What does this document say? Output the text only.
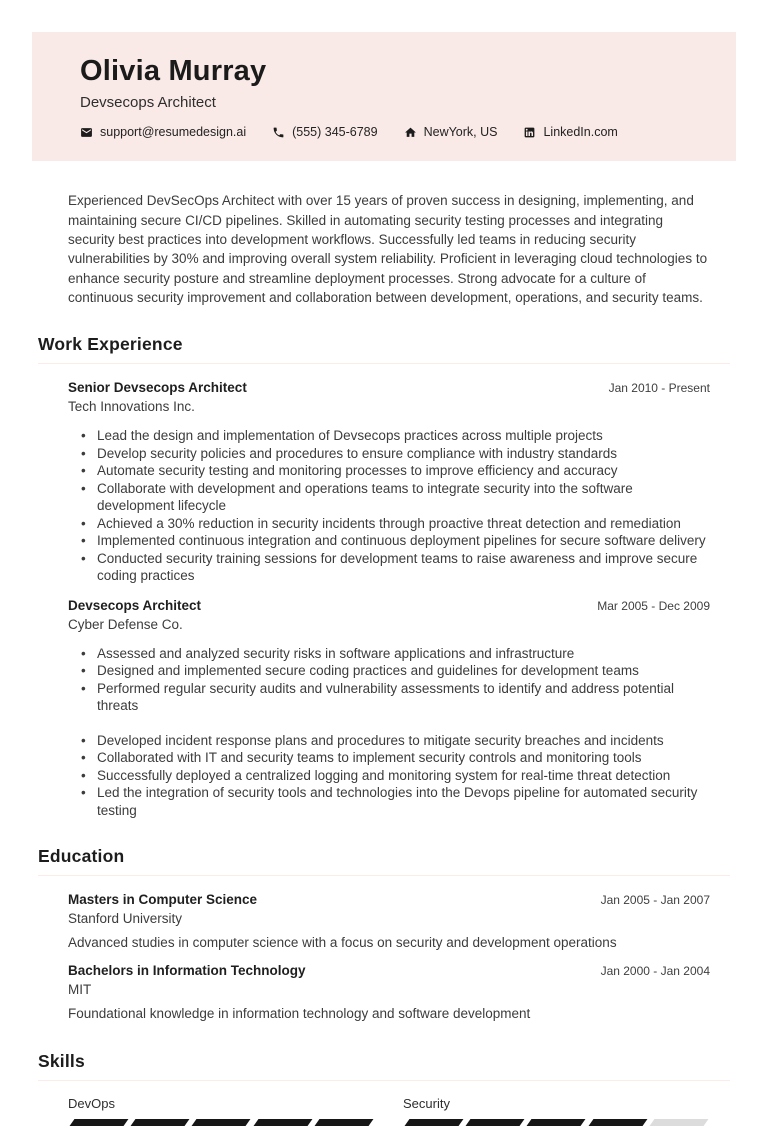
Olivia Murray
Devsecops Architect
support@resumedesign.ai	(555) 345-6789	NewYork, US	LinkedIn.com

Experienced DevSecOps Architect with over 15 years of proven success in designing, implementing, and maintaining secure CI/CD pipelines. Skilled in automating security testing processes and integrating security best practices into development workflows. Successfully led teams in reducing security vulnerabilities by 30% and improving overall system reliability. Proficient in leveraging cloud technologies to enhance security posture and streamline deployment processes. Strong advocate for a culture of continuous security improvement and collaboration between development, operations, and security teams.

Work Experience
Senior Devsecops Architect	Jan 2010 - Present
Tech Innovations Inc.
• Lead the design and implementation of Devsecops practices across multiple projects
• Develop security policies and procedures to ensure compliance with industry standards
• Automate security testing and monitoring processes to improve efficiency and accuracy
• Collaborate with development and operations teams to integrate security into the software development lifecycle
• Achieved a 30% reduction in security incidents through proactive threat detection and remediation
• Implemented continuous integration and continuous deployment pipelines for secure software delivery
• Conducted security training sessions for development teams to raise awareness and improve secure coding practices
Devsecops Architect	Mar 2005 - Dec 2009
Cyber Defense Co.
• Assessed and analyzed security risks in software applications and infrastructure
• Designed and implemented secure coding practices and guidelines for development teams
• Performed regular security audits and vulnerability assessments to identify and address potential threats
• Developed incident response plans and procedures to mitigate security breaches and incidents
• Collaborated with IT and security teams to implement security controls and monitoring tools
• Successfully deployed a centralized logging and monitoring system for real-time threat detection
• Led the integration of security tools and technologies into the Devops pipeline for automated security testing
Education
Masters in Computer Science	Jan 2005 - Jan 2007
Stanford University
Advanced studies in computer science with a focus on security and development operations
Bachelors in Information Technology	Jan 2000 - Jan 2004
MIT
Foundational knowledge in information technology and software development
Skills
DevOps	Security
